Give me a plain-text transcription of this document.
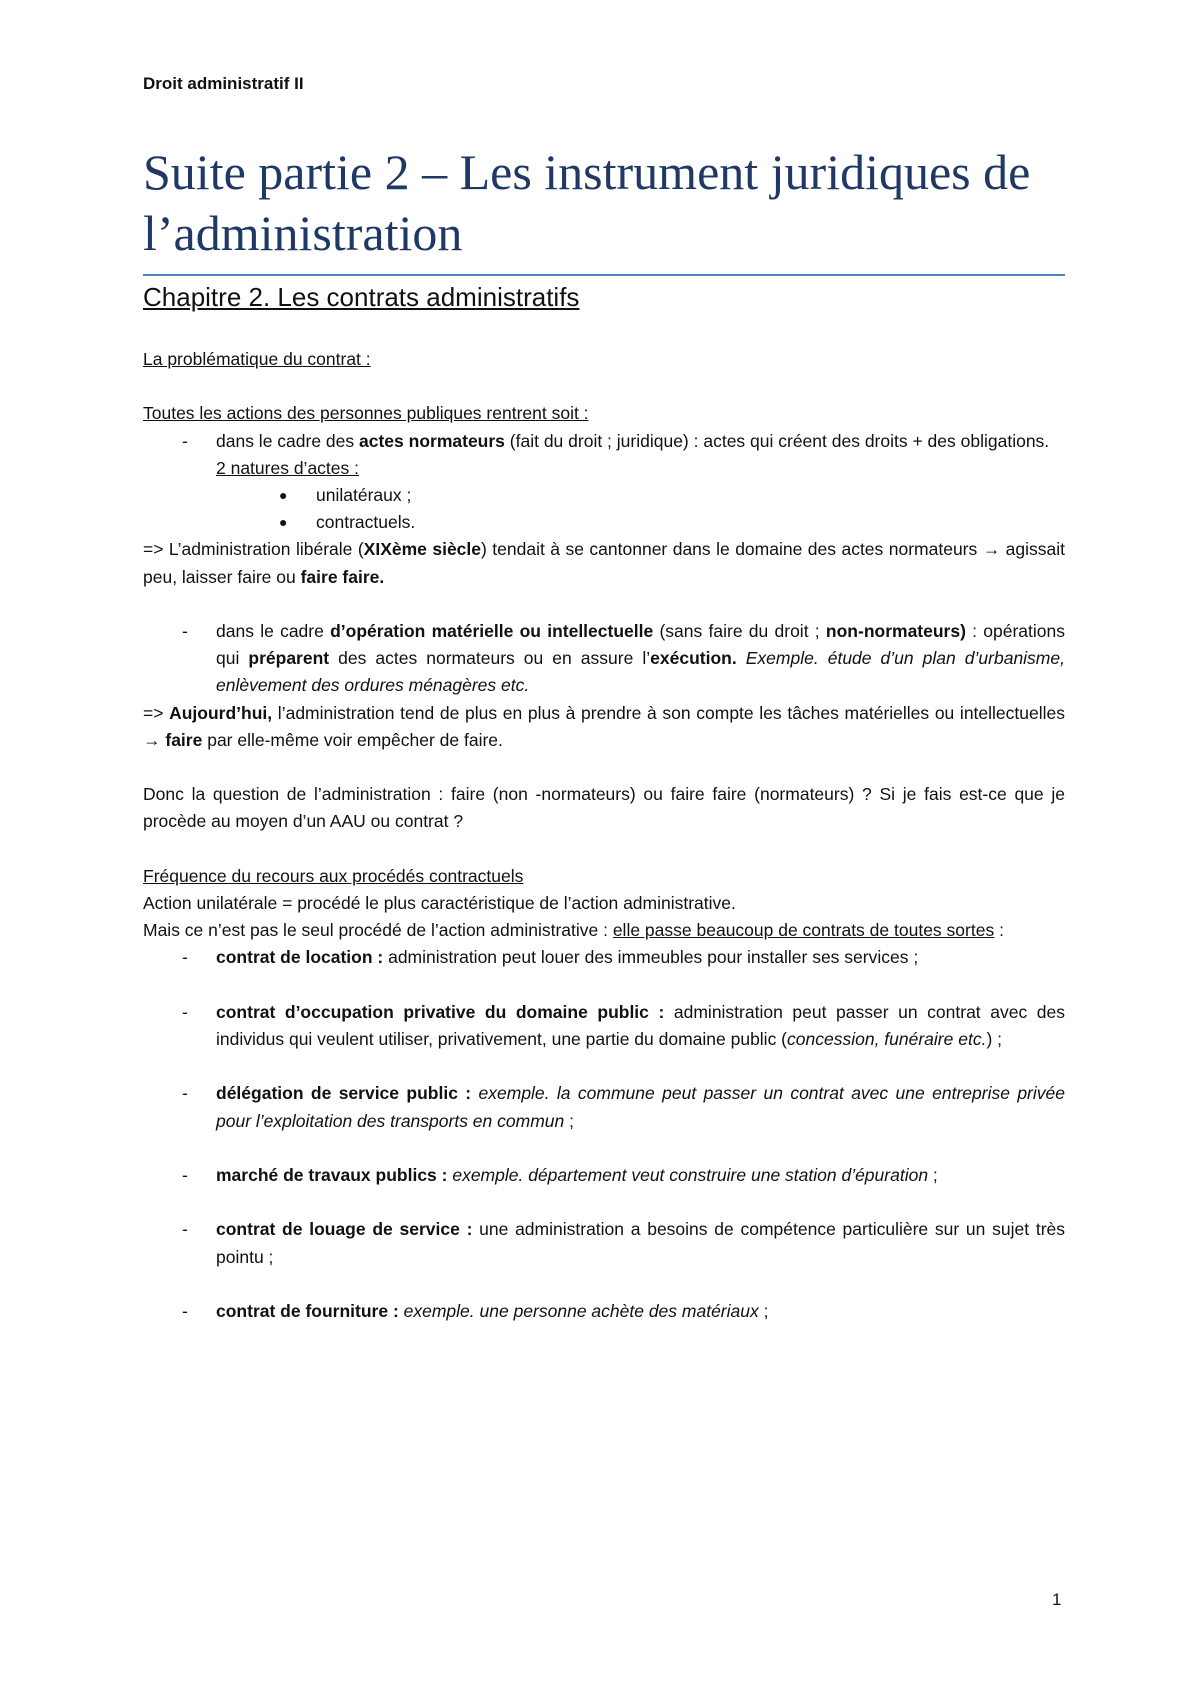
Droit administratif II
Suite partie 2 – Les instrument juridiques de l’administration
Chapitre 2. Les contrats administratifs

La problématique du contrat :

Toutes les actions des personnes publiques rentrent soit :

-	dans le cadre des actes normateurs (fait du droit ; juridique) : actes qui créent des droits + des obligations.

2 natures d’actes :

●	unilatéraux ;
●	contractuels.

=> L’administration libérale (XIXème siècle) tendait à se cantonner dans le domaine des actes normateurs → agissait peu, laisser faire ou faire faire.

-	dans le cadre d’opération matérielle ou intellectuelle (sans faire du droit ; non-normateurs) : opérations qui préparent des actes normateurs ou en assure l’exécution. Exemple. étude d’un plan d’urbanisme, enlèvement des ordures ménagères etc.

=> Aujourd’hui, l’administration tend de plus en plus à prendre à son compte les tâches matérielles ou intellectuelles → faire par elle-même voir empêcher de faire.

Donc la question de l’administration : faire (non -normateurs) ou faire faire (normateurs) ? Si je fais est-ce que je procède au moyen d’un AAU ou contrat ?

Fréquence du recours aux procédés contractuels

Action unilatérale = procédé le plus caractéristique de l’action administrative.

Mais ce n’est pas le seul procédé de l’action administrative : elle passe beaucoup de contrats de toutes sortes :

-	contrat de location : administration peut louer des immeubles pour installer ses services ;
-	contrat d’occupation privative du domaine public : administration peut passer un contrat avec des individus qui veulent utiliser, privativement, une partie du domaine public (concession, funéraire etc.) ;
-	délégation de service public : exemple. la commune peut passer un contrat avec une entreprise privée pour l’exploitation des transports en commun ;
-	marché de travaux publics : exemple. département veut construire une station d’épuration ;
-	contrat de louage de service : une administration a besoins de compétence particulière sur un sujet très pointu ;
-	contrat de fourniture : exemple. une personne achète des matériaux ;
1
